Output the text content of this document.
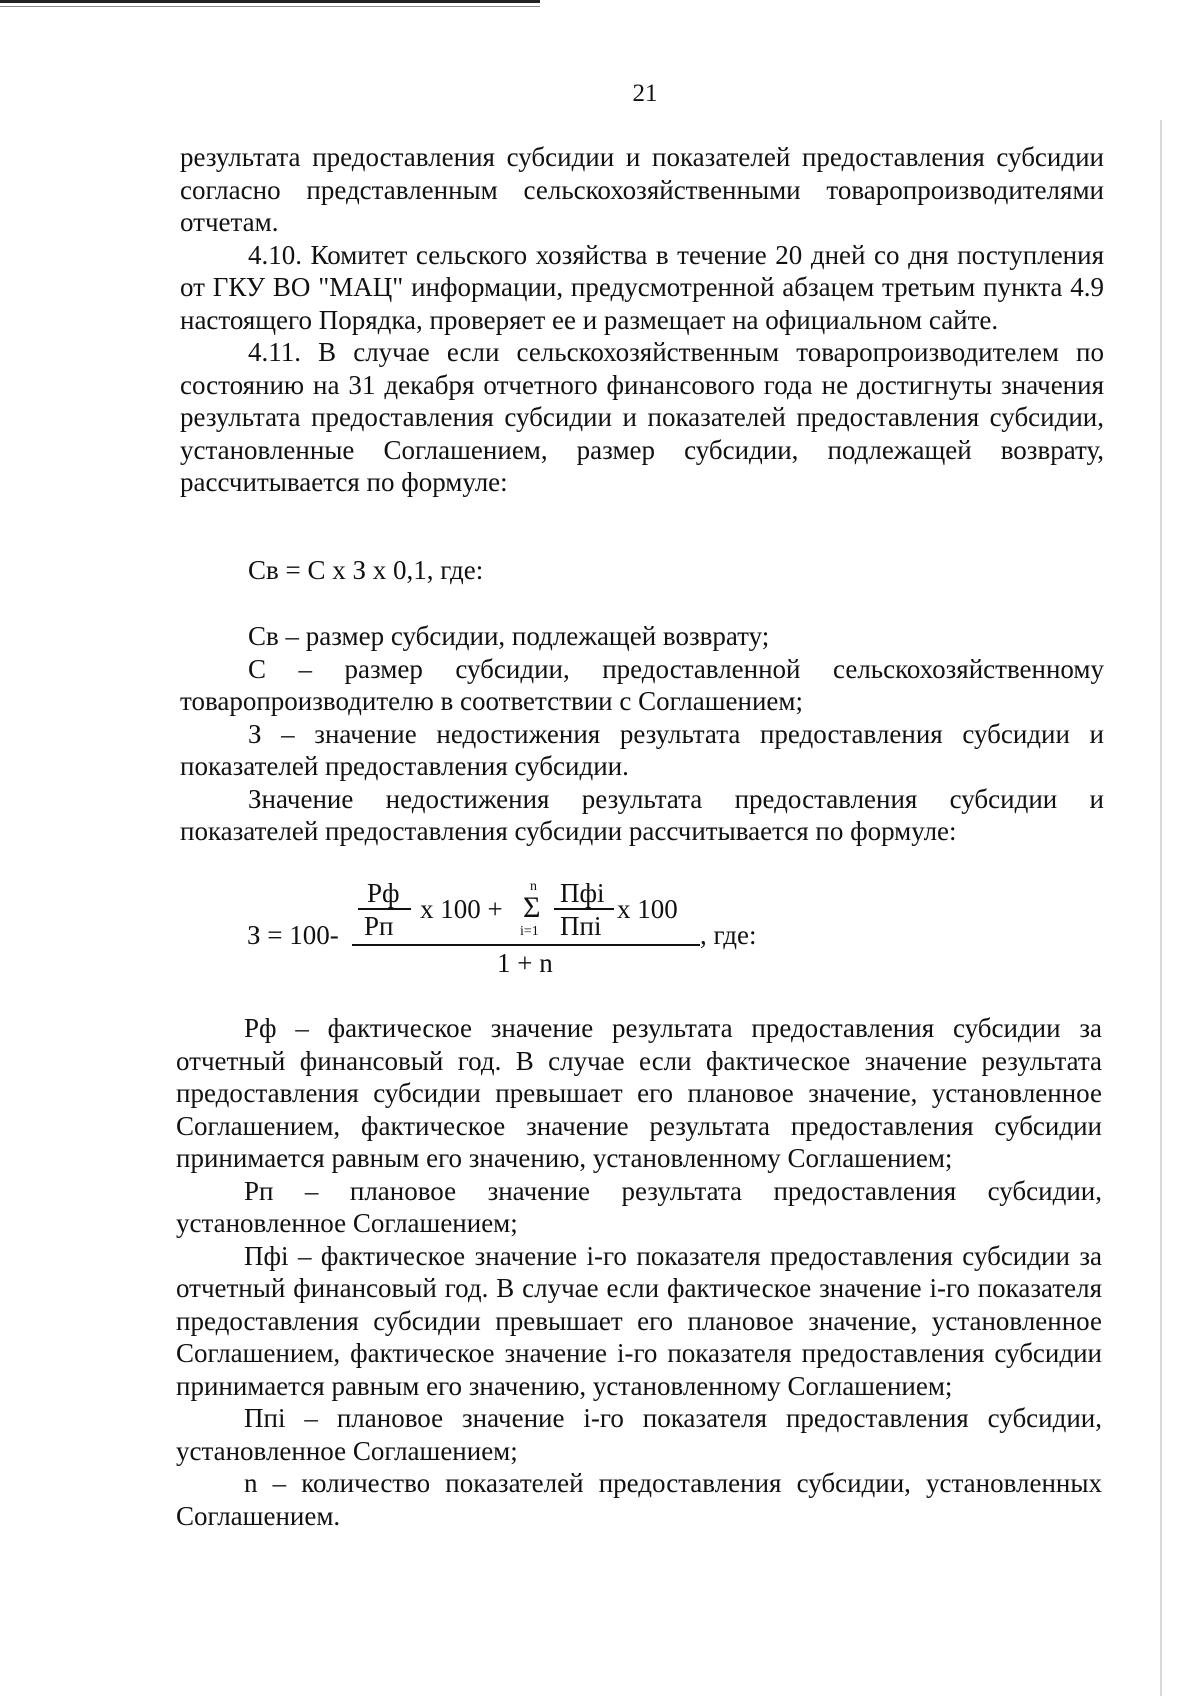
21

результата предоставления субсидии и показателей предоставления субсидии согласно представленным сельскохозяйственными товаропроизводителями отчетам.

4.10. Комитет сельского хозяйства в течение 20 дней со дня поступления от ГКУ ВО "МАЦ" информации, предусмотренной абзацем третьим пункта 4.9 настоящего Порядка, проверяет ее и размещает на официальном сайте.

4.11. В случае если сельскохозяйственным товаропроизводителем по состоянию на 31 декабря отчетного финансового года не достигнуты значения результата предоставления субсидии и показателей предоставления субсидии, установленные Соглашением, размер субсидии, подлежащей возврату, рассчитывается по формуле:

Св = С х З х 0,1, где:

Св – размер субсидии, подлежащей возврату;

С – размер субсидии, предоставленной сельскохозяйственному товаропроизводителю в соответствии с Соглашением;

З – значение недостижения результата предоставления субсидии и показателей предоставления субсидии.

Значение недостижения результата предоставления субсидии и показателей предоставления субсидии рассчитывается по формуле:

З = 100-
Рф
Рп
х 100 +
n
Σ
i=1
Пфi
Ппi
х 100
1 + n
, где:

Рф – фактическое значение результата предоставления субсидии за отчетный финансовый год. В случае если фактическое значение результата предоставления субсидии превышает его плановое значение, установленное Соглашением, фактическое значение результата предоставления субсидии принимается равным его значению, установленному Соглашением;

Рп – плановое значение результата предоставления субсидии, установленное Соглашением;

Пфi – фактическое значение i-го показателя предоставления субсидии за отчетный финансовый год. В случае если фактическое значение i-го показателя предоставления субсидии превышает его плановое значение, установленное Соглашением, фактическое значение i-го показателя предоставления субсидии принимается равным его значению, установленному Соглашением;

Ппi – плановое значение i-го показателя предоставления субсидии, установленное Соглашением;

n – количество показателей предоставления субсидии, установленных Соглашением.
